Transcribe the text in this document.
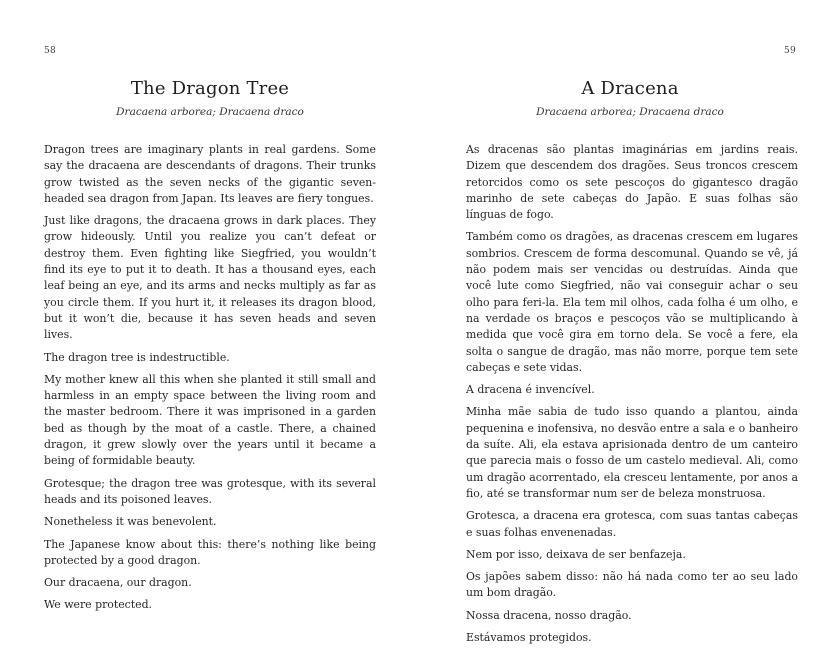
58
The Dragon Tree
Dracaena arborea; Dracaena draco

Dragon trees are imaginary plants in real gardens. Some say the dracaena are descendants of dragons. Their trunks grow twisted as the seven necks of the gigantic seven-headed sea dragon from Japan. Its leaves are fiery tongues.

Just like dragons, the dracaena grows in dark places. They grow hideously. Until you realize you can’t defeat or destroy them. Even fighting like Siegfried, you wouldn’t find its eye to put it to death. It has a thousand eyes, each leaf being an eye, and its arms and necks multiply as far as you circle them. If you hurt it, it releases its dragon blood, but it won’t die, because it has seven heads and seven lives.

The dragon tree is indestructible.

My mother knew all this when she planted it still small and harmless in an empty space between the living room and the master bedroom. There it was imprisoned in a garden bed as though by the moat of a castle. There, a chained dragon, it grew slowly over the years until it became a being of formidable beauty.

Grotesque; the dragon tree was grotesque, with its several heads and its poisoned leaves.

Nonetheless it was benevolent.

The Japanese know about this: there’s nothing like being protected by a good dragon.

Our dracaena, our dragon.

We were protected.

59
A Dracena
Dracaena arborea; Dracaena draco

As dracenas são plantas imaginárias em jardins reais. Dizem que descendem dos dragões. Seus troncos crescem retorcidos como os sete pescoços do gigantesco dragão marinho de sete cabeças do Japão. E suas folhas são línguas de fogo.

Também como os dragões, as dracenas crescem em lugares sombrios. Crescem de forma descomunal. Quando se vê, já não podem mais ser vencidas ou destruídas. Ainda que você lute como Siegfried, não vai conseguir achar o seu olho para feri-la. Ela tem mil olhos, cada folha é um olho, e na verdade os braços e pescoços vão se multiplicando à medida que você gira em torno dela. Se você a fere, ela solta o sangue de dragão, mas não morre, porque tem sete cabeças e sete vidas.

A dracena é invencível.

Minha mãe sabia de tudo isso quando a plantou, ainda pequenina e inofensiva, no desvão entre a sala e o banheiro da suíte. Ali, ela estava aprisionada dentro de um canteiro que parecia mais o fosso de um castelo medieval. Ali, como um dragão acorrentado, ela cresceu lentamente, por anos a fio, até se transformar num ser de beleza monstruosa.

Grotesca, a dracena era grotesca, com suas tantas cabeças e suas folhas envenenadas.

Nem por isso, deixava de ser benfazeja.

Os japões sabem disso: não há nada como ter ao seu lado um bom dragão.

Nossa dracena, nosso dragão.

Estávamos protegidos.
